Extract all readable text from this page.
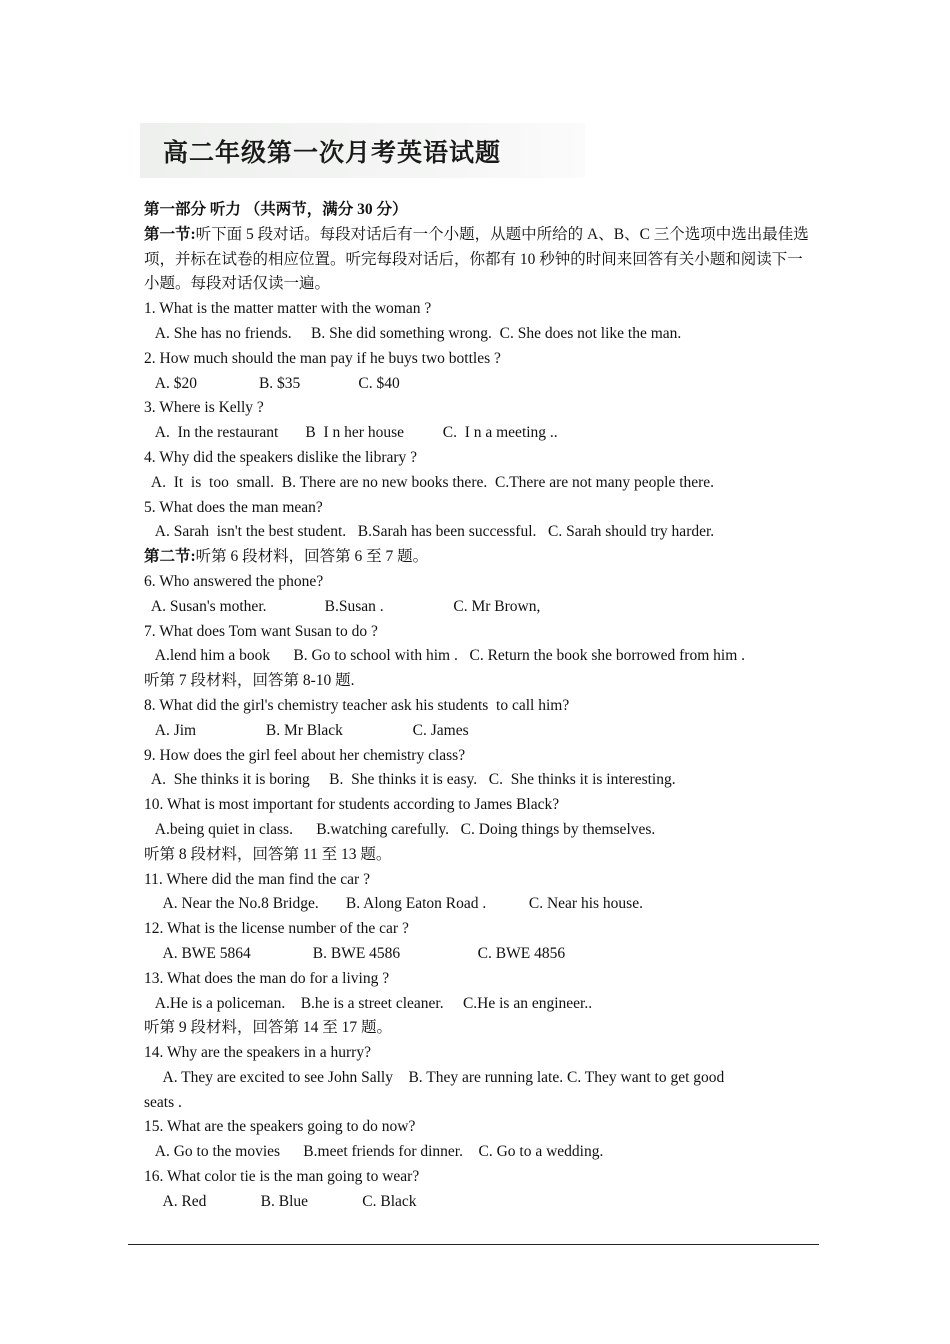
高二年级第一次月考英语试题
第一部分 听力 （共两节，满分 30 分）
第一节:听下面 5 段对话。每段对话后有一个小题，从题中所给的 A、B、C 三个选项中选出最佳选项，并标在试卷的相应位置。听完每段对话后，你都有 10 秒钟的时间来回答有关小题和阅读下一小题。每段对话仅读一遍。
1. What is the matter matter with the woman ?
A. She has no friends.     B. She did something wrong.  C. She does not like the man.
2. How much should the man pay if he buys two bottles ?
A. $20                B. $35               C. $40
3. Where is Kelly ?
A.  In the restaurant       B  I n her house          C.  I n a meeting ..
4. Why did the speakers dislike the library ?
A.  It  is  too  small.  B. There are no new books there.  C.There are not many people there.
5. What does the man mean?
A. Sarah  isn't the best student.   B.Sarah has been successful.   C. Sarah should try harder.
第二节:听第 6 段材料，回答第 6 至 7 题。
6. Who answered the phone?
A. Susan's mother.               B.Susan .                  C. Mr Brown,
7. What does Tom want Susan to do ?
A.lend him a book      B. Go to school with him .   C. Return the book she borrowed from him .
听第 7 段材料，回答第 8-10 题.
8. What did the girl's chemistry teacher ask his students  to call him?
A. Jim                  B. Mr Black                  C. James
9. How does the girl feel about her chemistry class?
A.  She thinks it is boring     B.  She thinks it is easy.   C.  She thinks it is interesting.
10. What is most important for students according to James Black?
A.being quiet in class.      B.watching carefully.   C. Doing things by themselves.
听第 8 段材料，回答第 11 至 13 题。
11. Where did the man find the car ?
A. Near the No.8 Bridge.       B. Along Eaton Road .           C. Near his house.
12. What is the license number of the car ?
A. BWE 5864                B. BWE 4586                    C. BWE 4856
13. What does the man do for a living ?
A.He is a policeman.    B.he is a street cleaner.     C.He is an engineer..
听第 9 段材料，回答第 14 至 17 题。
14. Why are the speakers in a hurry?
A. They are excited to see John Sally    B. They are running late. C. They want to get good
seats .
15. What are the speakers going to do now?
A. Go to the movies      B.meet friends for dinner.    C. Go to a wedding.
16. What color tie is the man going to wear?
A. Red              B. Blue              C. Black
